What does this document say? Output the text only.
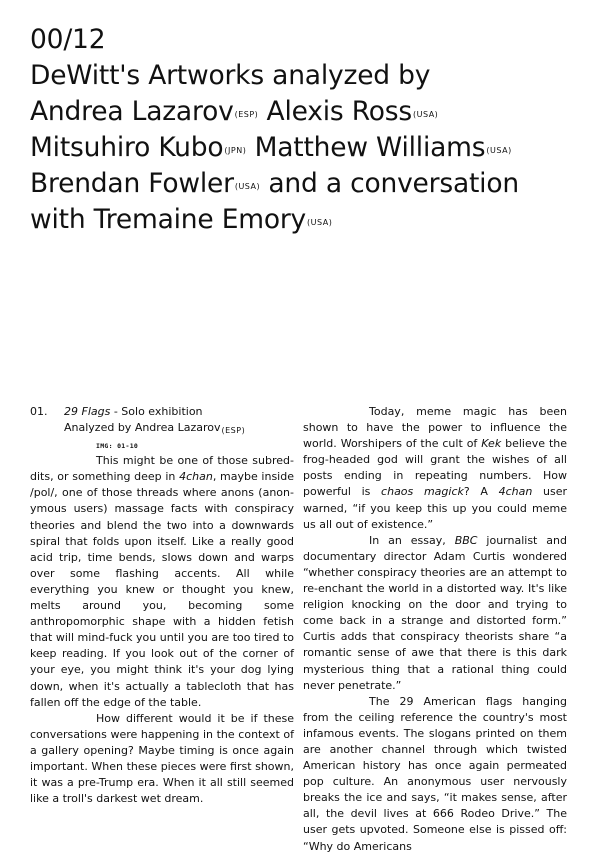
00/12
DeWitt's Artworks analyzed by
Andrea Lazarov$^{(ESP)}$ Alexis Ross$^{(USA)}$
Mitsuhiro Kubo$^{(JPN)}$ Matthew Williams$^{(USA)}$
Brendan Fowler$^{(USA)}$ and a conversation
with Tremaine Emory$^{(USA)}$
01.	29 Flags - Solo exhibition
Analyzed by Andrea Lazarov$^{(ESP)}$
IMG: 01-10

This might be one of those subreddits, or something deep in 4chan, maybe inside /pol/, one of those threads where anons (anonymous users) massage facts with conspiracy theories and blend the two into a downwards spiral that folds upon itself. Like a really good acid trip, time bends, slows down and warps over some flashing accents. All while everything you knew or thought you knew, melts around you, becoming some anthropomorphic shape with a hidden fetish that will mind-fuck you until you are too tired to keep reading. If you look out of the corner of your eye, you might think it's your dog lying down, when it's actually a tablecloth that has fallen off the edge of the table.

How different would it be if these conversations were happening in the context of a gallery opening? Maybe timing is once again important. When these pieces were first shown, it was a pre-Trump era. When it all still seemed like a troll's darkest wet dream.

Today, meme magic has been shown to have the power to influence the world. Worshipers of the cult of Kek believe the frog-headed god will grant the wishes of all posts ending in repeating numbers. How powerful is chaos magick? A 4chan user warned, “if you keep this up you could meme us all out of existence.”

In an essay, BBC journalist and documentary director Adam Curtis wondered “whether conspiracy theories are an attempt to re-enchant the world in a distorted way. It's like religion knocking on the door and trying to come back in a strange and distorted form.” Curtis adds that conspiracy theorists share “a romantic sense of awe that there is this dark mysterious thing that a rational thing could never penetrate.”

The 29 American flags hanging from the ceiling reference the country's most infamous events. The slogans printed on them are another channel through which twisted American history has once again permeated pop culture. An anonymous user nervously breaks the ice and says, “it makes sense, after all, the devil lives at 666 Rodeo Drive.” The user gets upvoted. Someone else is pissed off: “Why do Americans
